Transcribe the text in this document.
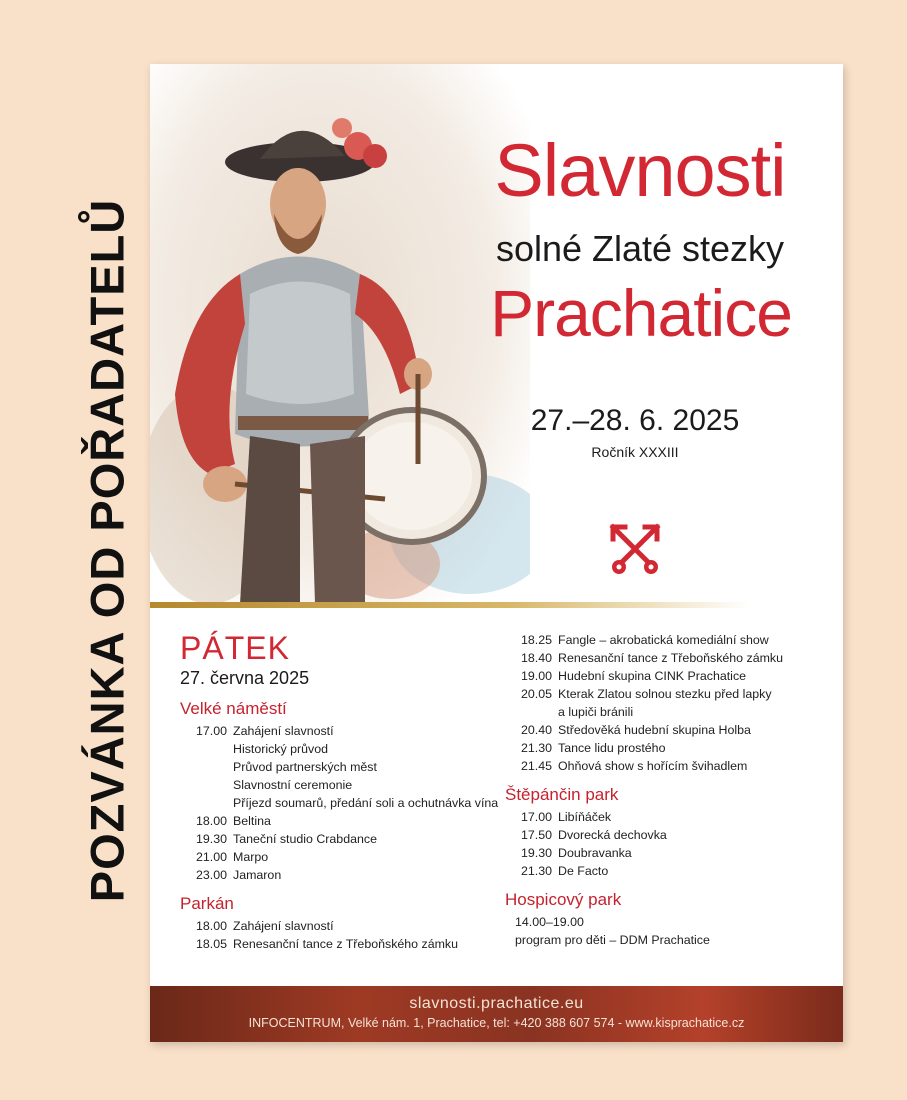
POZVÁNKA OD POŘADATELŮ
Slavnosti
solné Zlaté stezky
Prachatice
27.–28. 6. 2025
Ročník XXXIII
PÁTEK
27. června 2025
Velké náměstí
17.00 Zahájení slavností
Historický průvod
Průvod partnerských měst
Slavnostní ceremonie
Příjezd soumarů, předání soli a ochutnávka vína
18.00 Beltina
19.30 Taneční studio Crabdance
21.00 Marpo
23.00 Jamaron
Parkán
18.00 Zahájení slavností
18.05 Renesanční tance z Třeboňského zámku
18.25 Fangle – akrobatická komediální show
18.40 Renesanční tance z Třeboňského zámku
19.00 Hudební skupina CINK Prachatice
20.05 Kterak Zlatou solnou stezku před lapky
a lupiči bránili
20.40 Středověká hudební skupina Holba
21.30 Tance lidu prostého
21.45 Ohňová show s hořícím švihadlem
Štěpánčin park
17.00 Libíňáček
17.50 Dvorecká dechovka
19.30 Doubravanka
21.30 De Facto
Hospicový park
14.00–19.00
program pro děti – DDM Prachatice
slavnosti.prachatice.eu
INFOCENTRUM, Velké nám. 1, Prachatice, tel: +420 388 607 574 - www.kisprachatice.cz
